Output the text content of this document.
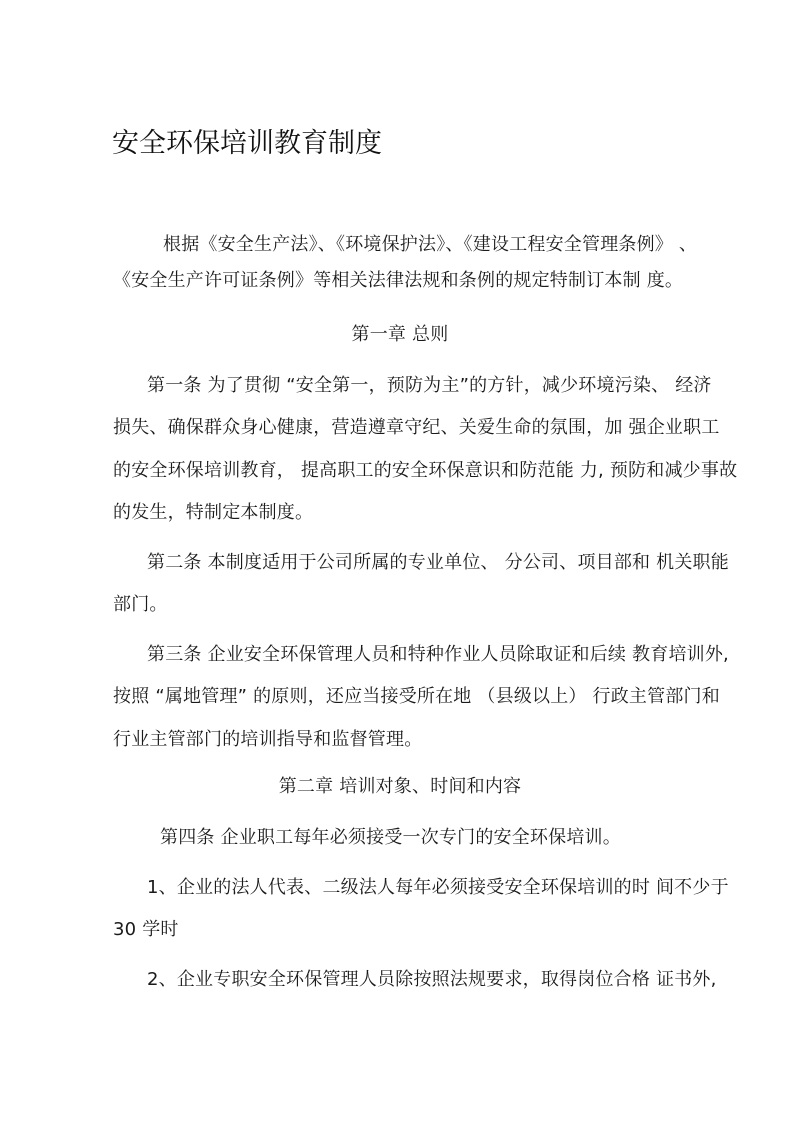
安全环保培训教育制度
根据《安全生产法》、《环境保护法》、《建设工程安全管理条例》 、
《安全生产许可证条例》等相关法律法规和条例的规定特制订本制 度。
第一章 总则
第一条 为了贯彻 “安全第一，预防为主”的方针，减少环境污染、 经济
损失、确保群众身心健康，营造遵章守纪、关爱生命的氛围，加 强企业职工
的安全环保培训教育， 提高职工的安全环保意识和防范能 力, 预防和减少事故
的发生，特制定本制度。
第二条 本制度适用于公司所属的专业单位、 分公司、项目部和 机关职能
部门。
第三条 企业安全环保管理人员和特种作业人员除取证和后续 教育培训外,
按照 “属地管理” 的原则，还应当接受所在地 （县级以上） 行政主管部门和
行业主管部门的培训指导和监督管理。
第二章 培训对象、时间和内容
第四条 企业职工每年必须接受一次专门的安全环保培训。
1、企业的法人代表、二级法人每年必须接受安全环保培训的时 间不少于
30 学时
2、企业专职安全环保管理人员除按照法规要求，取得岗位合格 证书外,
